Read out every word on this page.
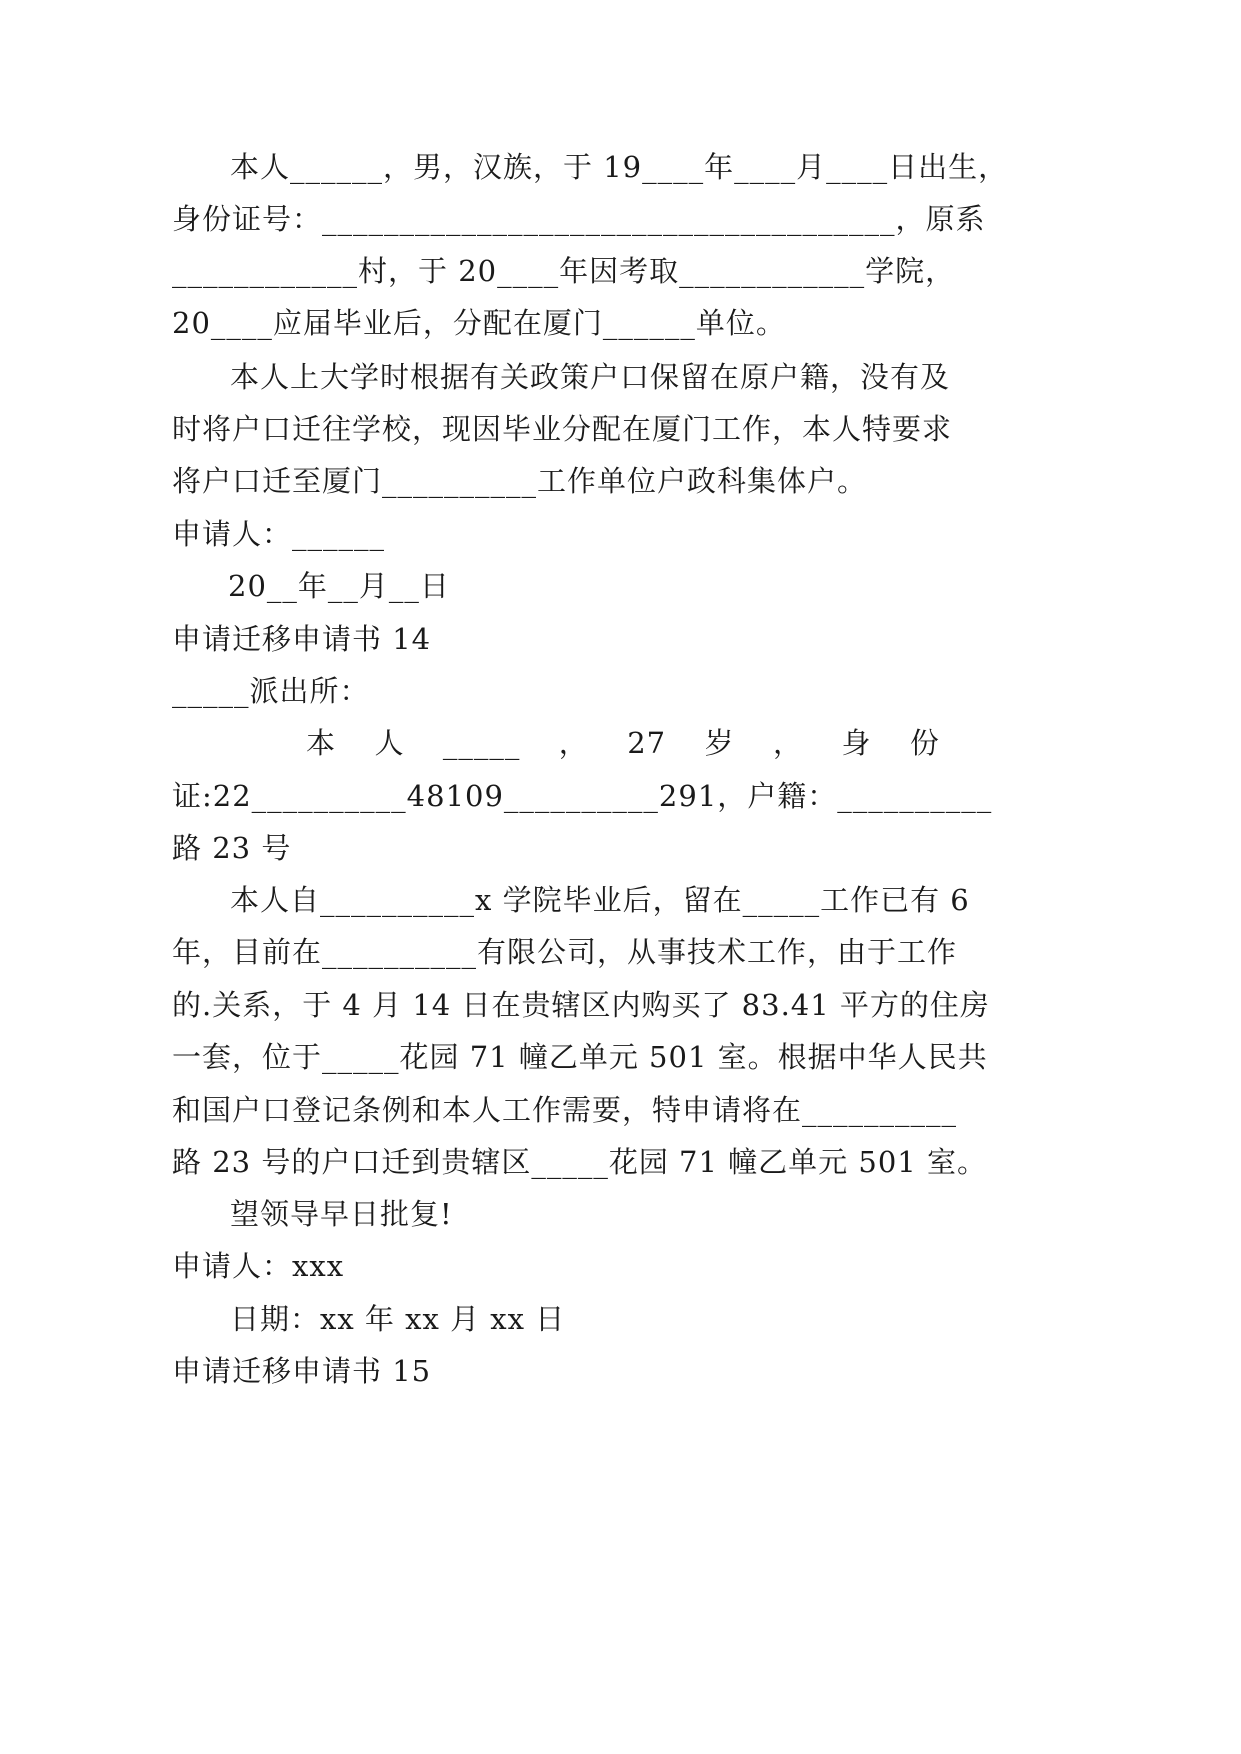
本人______，男，汉族，于 19____年____月____日出生，
身份证号：_____________________________________，原系
____________村，于 20____年因考取____________学院，
20____应届毕业后，分配在厦门______单位。
本人上大学时根据有关政策户口保留在原户籍，没有及
时将户口迁往学校，现因毕业分配在厦门工作，本人特要求
将户口迁至厦门__________工作单位户政科集体户。
申请人：______
20__年__月__日
申请迁移申请书 14
_____派出所：
本 人 _____ ， 27 岁 ， 身 份
证:22__________48109__________291，户籍：__________
路 23 号
本人自__________x 学院毕业后，留在_____工作已有 6
年，目前在__________有限公司，从事技术工作，由于工作
的.关系，于 4 月 14 日在贵辖区内购买了 83.41 平方的住房
一套，位于_____花园 71 幢乙单元 501 室。根据中华人民共
和国户口登记条例和本人工作需要，特申请将在__________
路 23 号的户口迁到贵辖区_____花园 71 幢乙单元 501 室。
望领导早日批复!
申请人：xxx
日期：xx 年 xx 月 xx 日
申请迁移申请书 15
